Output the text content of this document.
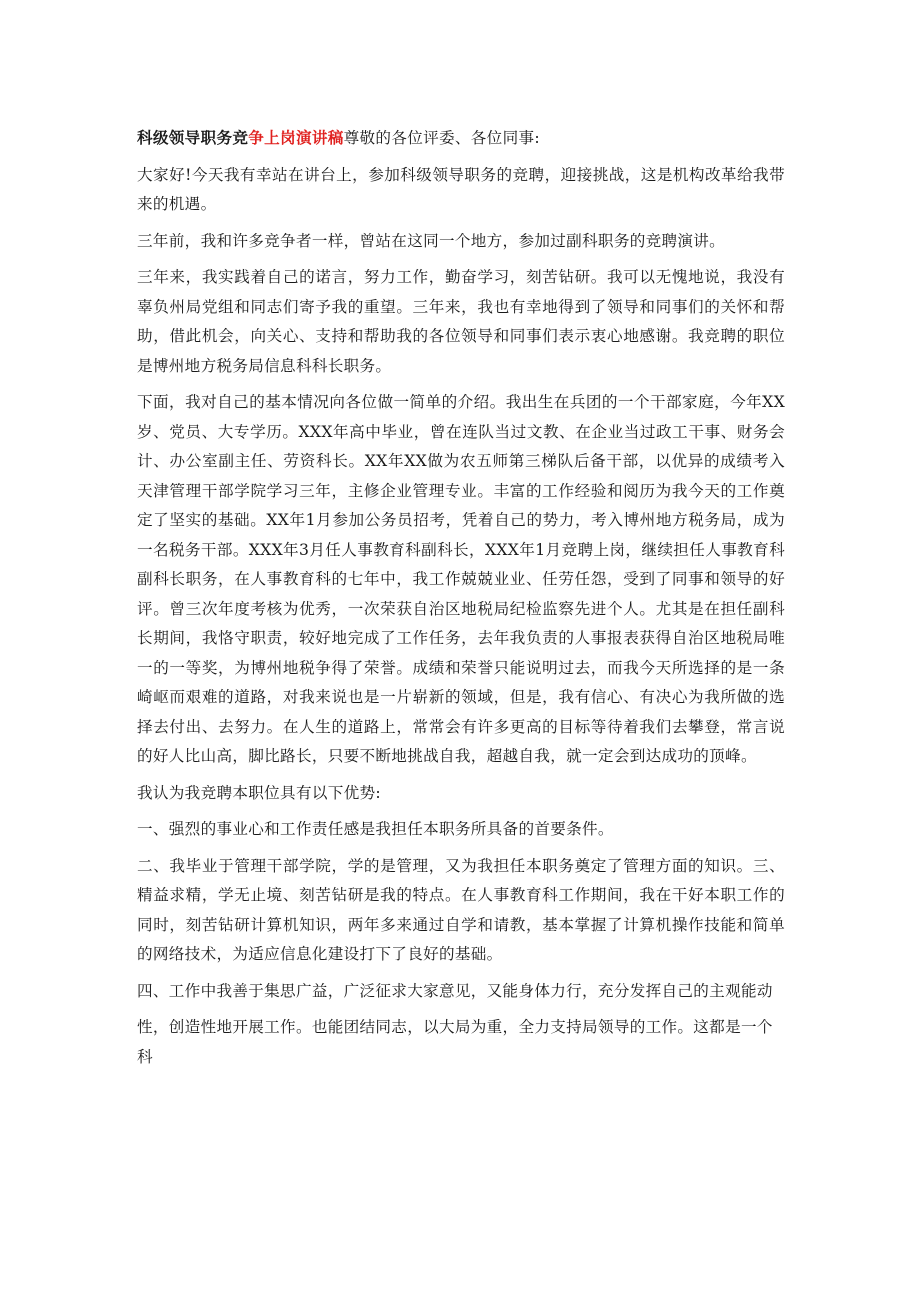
科级领导职务竞争上岗演讲稿尊敬的各位评委、各位同事:

大家好!今天我有幸站在讲台上，参加科级领导职务的竞聘，迎接挑战，这是机构改革给我带来的机遇。

三年前，我和许多竞争者一样，曾站在这同一个地方，参加过副科职务的竞聘演讲。

三年来，我实践着自己的诺言，努力工作，勤奋学习，刻苦钻研。我可以无愧地说，我没有辜负州局党组和同志们寄予我的重望。三年来，我也有幸地得到了领导和同事们的关怀和帮助，借此机会，向关心、支持和帮助我的各位领导和同事们表示衷心地感谢。我竞聘的职位是博州地方税务局信息科科长职务。

下面，我对自己的基本情况向各位做一简单的介绍。我出生在兵团的一个干部家庭，今年XX岁、党员、大专学历。XXX年高中毕业，曾在连队当过文教、在企业当过政工干事、财务会计、办公室副主任、劳资科长。XX年XX做为农五师第三梯队后备干部，以优异的成绩考入天津管理干部学院学习三年，主修企业管理专业。丰富的工作经验和阅历为我今天的工作奠定了坚实的基础。XX年1月参加公务员招考，凭着自己的势力，考入博州地方税务局，成为一名税务干部。XXX年3月任人事教育科副科长，XXX年1月竞聘上岗，继续担任人事教育科副科长职务，在人事教育科的七年中，我工作兢兢业业、任劳任怨，受到了同事和领导的好评。曾三次年度考核为优秀，一次荣获自治区地税局纪检监察先进个人。尤其是在担任副科长期间，我恪守职责，较好地完成了工作任务，去年我负责的人事报表获得自治区地税局唯一的一等奖，为博州地税争得了荣誉。成绩和荣誉只能说明过去，而我今天所选择的是一条崎岖而艰难的道路，对我来说也是一片崭新的领域，但是，我有信心、有决心为我所做的选择去付出、去努力。在人生的道路上，常常会有许多更高的目标等待着我们去攀登，常言说的好人比山高，脚比路长，只要不断地挑战自我，超越自我，就一定会到达成功的顶峰。

我认为我竞聘本职位具有以下优势:

一、强烈的事业心和工作责任感是我担任本职务所具备的首要条件。

二、我毕业于管理干部学院，学的是管理，又为我担任本职务奠定了管理方面的知识。三、精益求精，学无止境、刻苦钻研是我的特点。在人事教育科工作期间，我在干好本职工作的同时，刻苦钻研计算机知识，两年多来通过自学和请教，基本掌握了计算机操作技能和简单的网络技术，为适应信息化建设打下了良好的基础。

四、工作中我善于集思广益，广泛征求大家意见，又能身体力行，充分发挥自己的主观能动

性，创造性地开展工作。也能团结同志，以大局为重，全力支持局领导的工作。这都是一个科
